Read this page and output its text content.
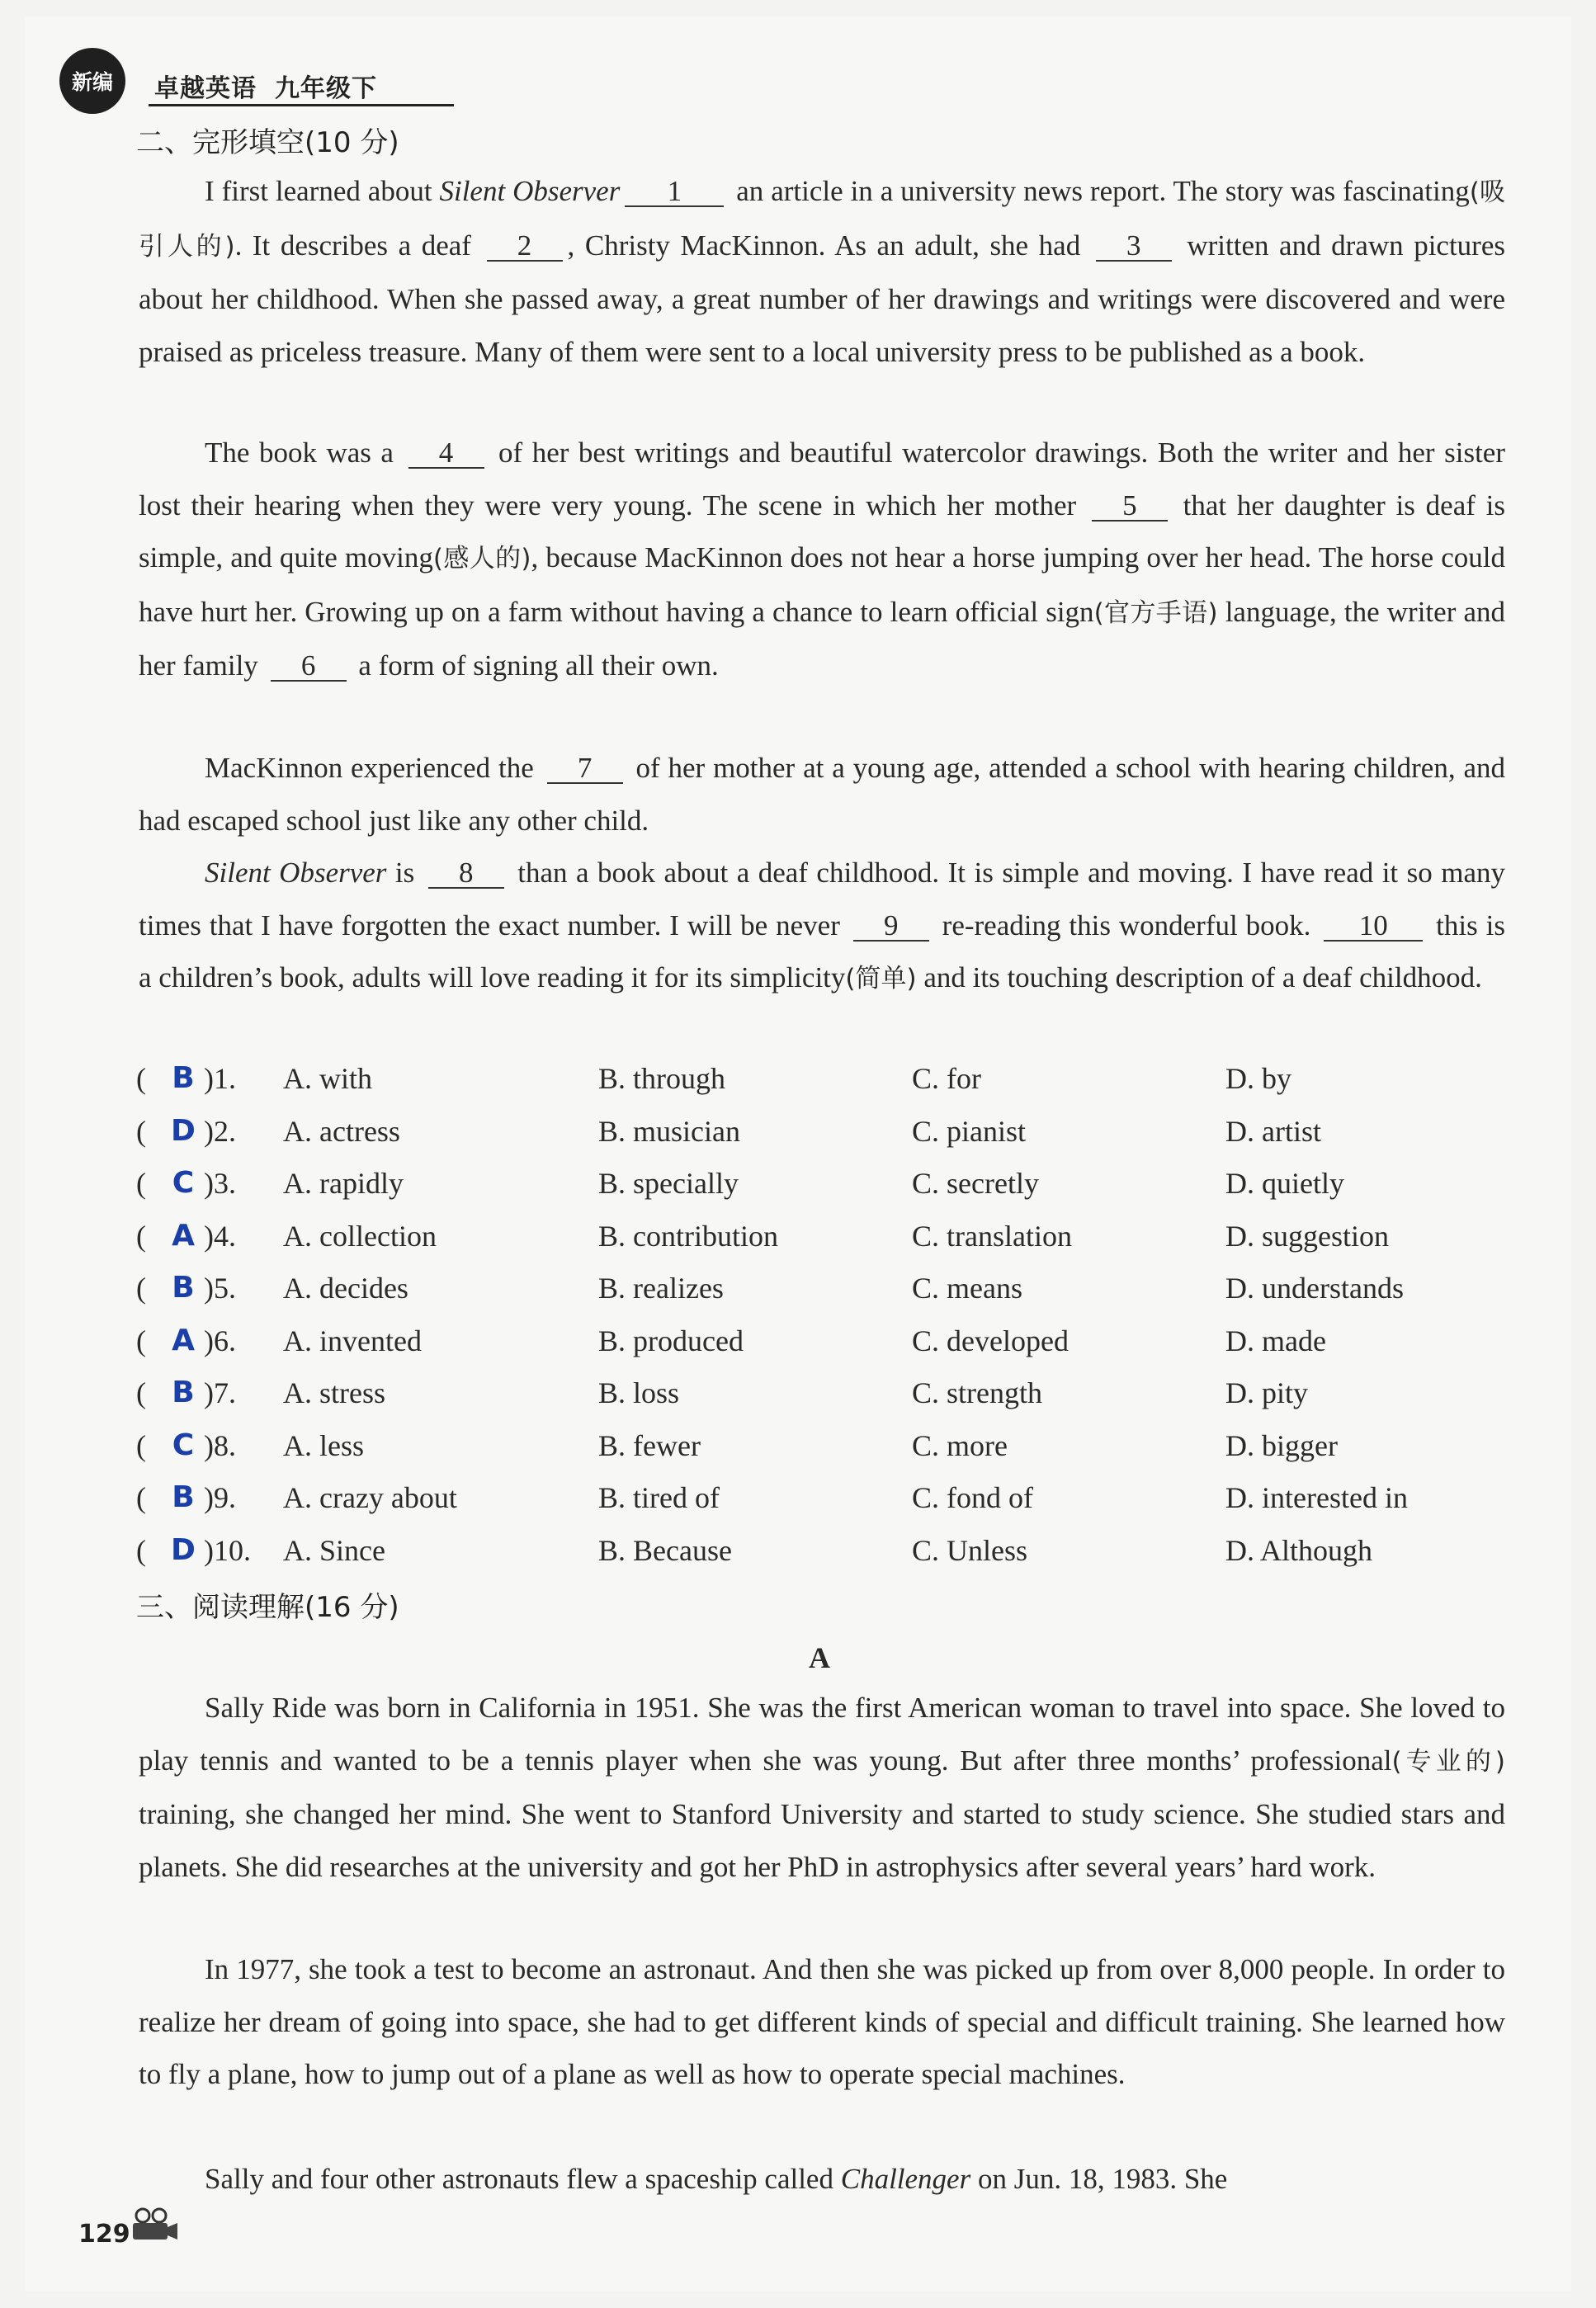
新编 卓越英语 九年级下
二、完形填空(10 分)

I first learned about Silent Observer 1 an article in a university news report. The story was fascinating(吸引人的). It describes a deaf 2 , Christy MacKinnon. As an adult, she had 3 written and drawn pictures about her childhood. When she passed away, a great number of her drawings and writings were discovered and were praised as priceless treasure. Many of them were sent to a local university press to be published as a book.

The book was a 4 of her best writings and beautiful watercolor drawings. Both the writer and her sister lost their hearing when they were very young. The scene in which her mother 5 that her daughter is deaf is simple, and quite moving(感人的), because MacKinnon does not hear a horse jumping over her head. The horse could have hurt her. Growing up on a farm without having a chance to learn official sign(官方手语) language, the writer and her family 6 a form of signing all their own.

MacKinnon experienced the 7 of her mother at a young age, attended a school with hearing children, and had escaped school just like any other child.

Silent Observer is 8 than a book about a deaf childhood. It is simple and moving. I have read it so many times that I have forgotten the exact number. I will be never 9 re-reading this wonderful book. 10 this is a children’s book, adults will love reading it for its simplicity(简单) and its touching description of a deaf childhood.

( B )1. A. with	B. through	C. for	D. by
( D )2. A. actress	B. musician	C. pianist	D. artist
( C )3. A. rapidly	B. specially	C. secretly	D. quietly
( A )4. A. collection	B. contribution	C. translation	D. suggestion
( B )5. A. decides	B. realizes	C. means	D. understands
( A )6. A. invented	B. produced	C. developed	D. made
( B )7. A. stress	B. loss	C. strength	D. pity
( C )8. A. less	B. fewer	C. more	D. bigger
( B )9. A. crazy about	B. tired of	C. fond of	D. interested in
( D )10. A. Since	B. Because	C. Unless	D. Although
三、阅读理解(16 分)
A

Sally Ride was born in California in 1951. She was the first American woman to travel into space. She loved to play tennis and wanted to be a tennis player when she was young. But after three months’ professional(专业的) training, she changed her mind. She went to Stanford University and started to study science. She studied stars and planets. She did researches at the university and got her PhD in astrophysics after several years’ hard work.

In 1977, she took a test to become an astronaut. And then she was picked up from over 8,000 people. In order to realize her dream of going into space, she had to get different kinds of special and difficult training. She learned how to fly a plane, how to jump out of a plane as well as how to operate special machines.

Sally and four other astronauts flew a spaceship called Challenger on Jun. 18, 1983. She

129
